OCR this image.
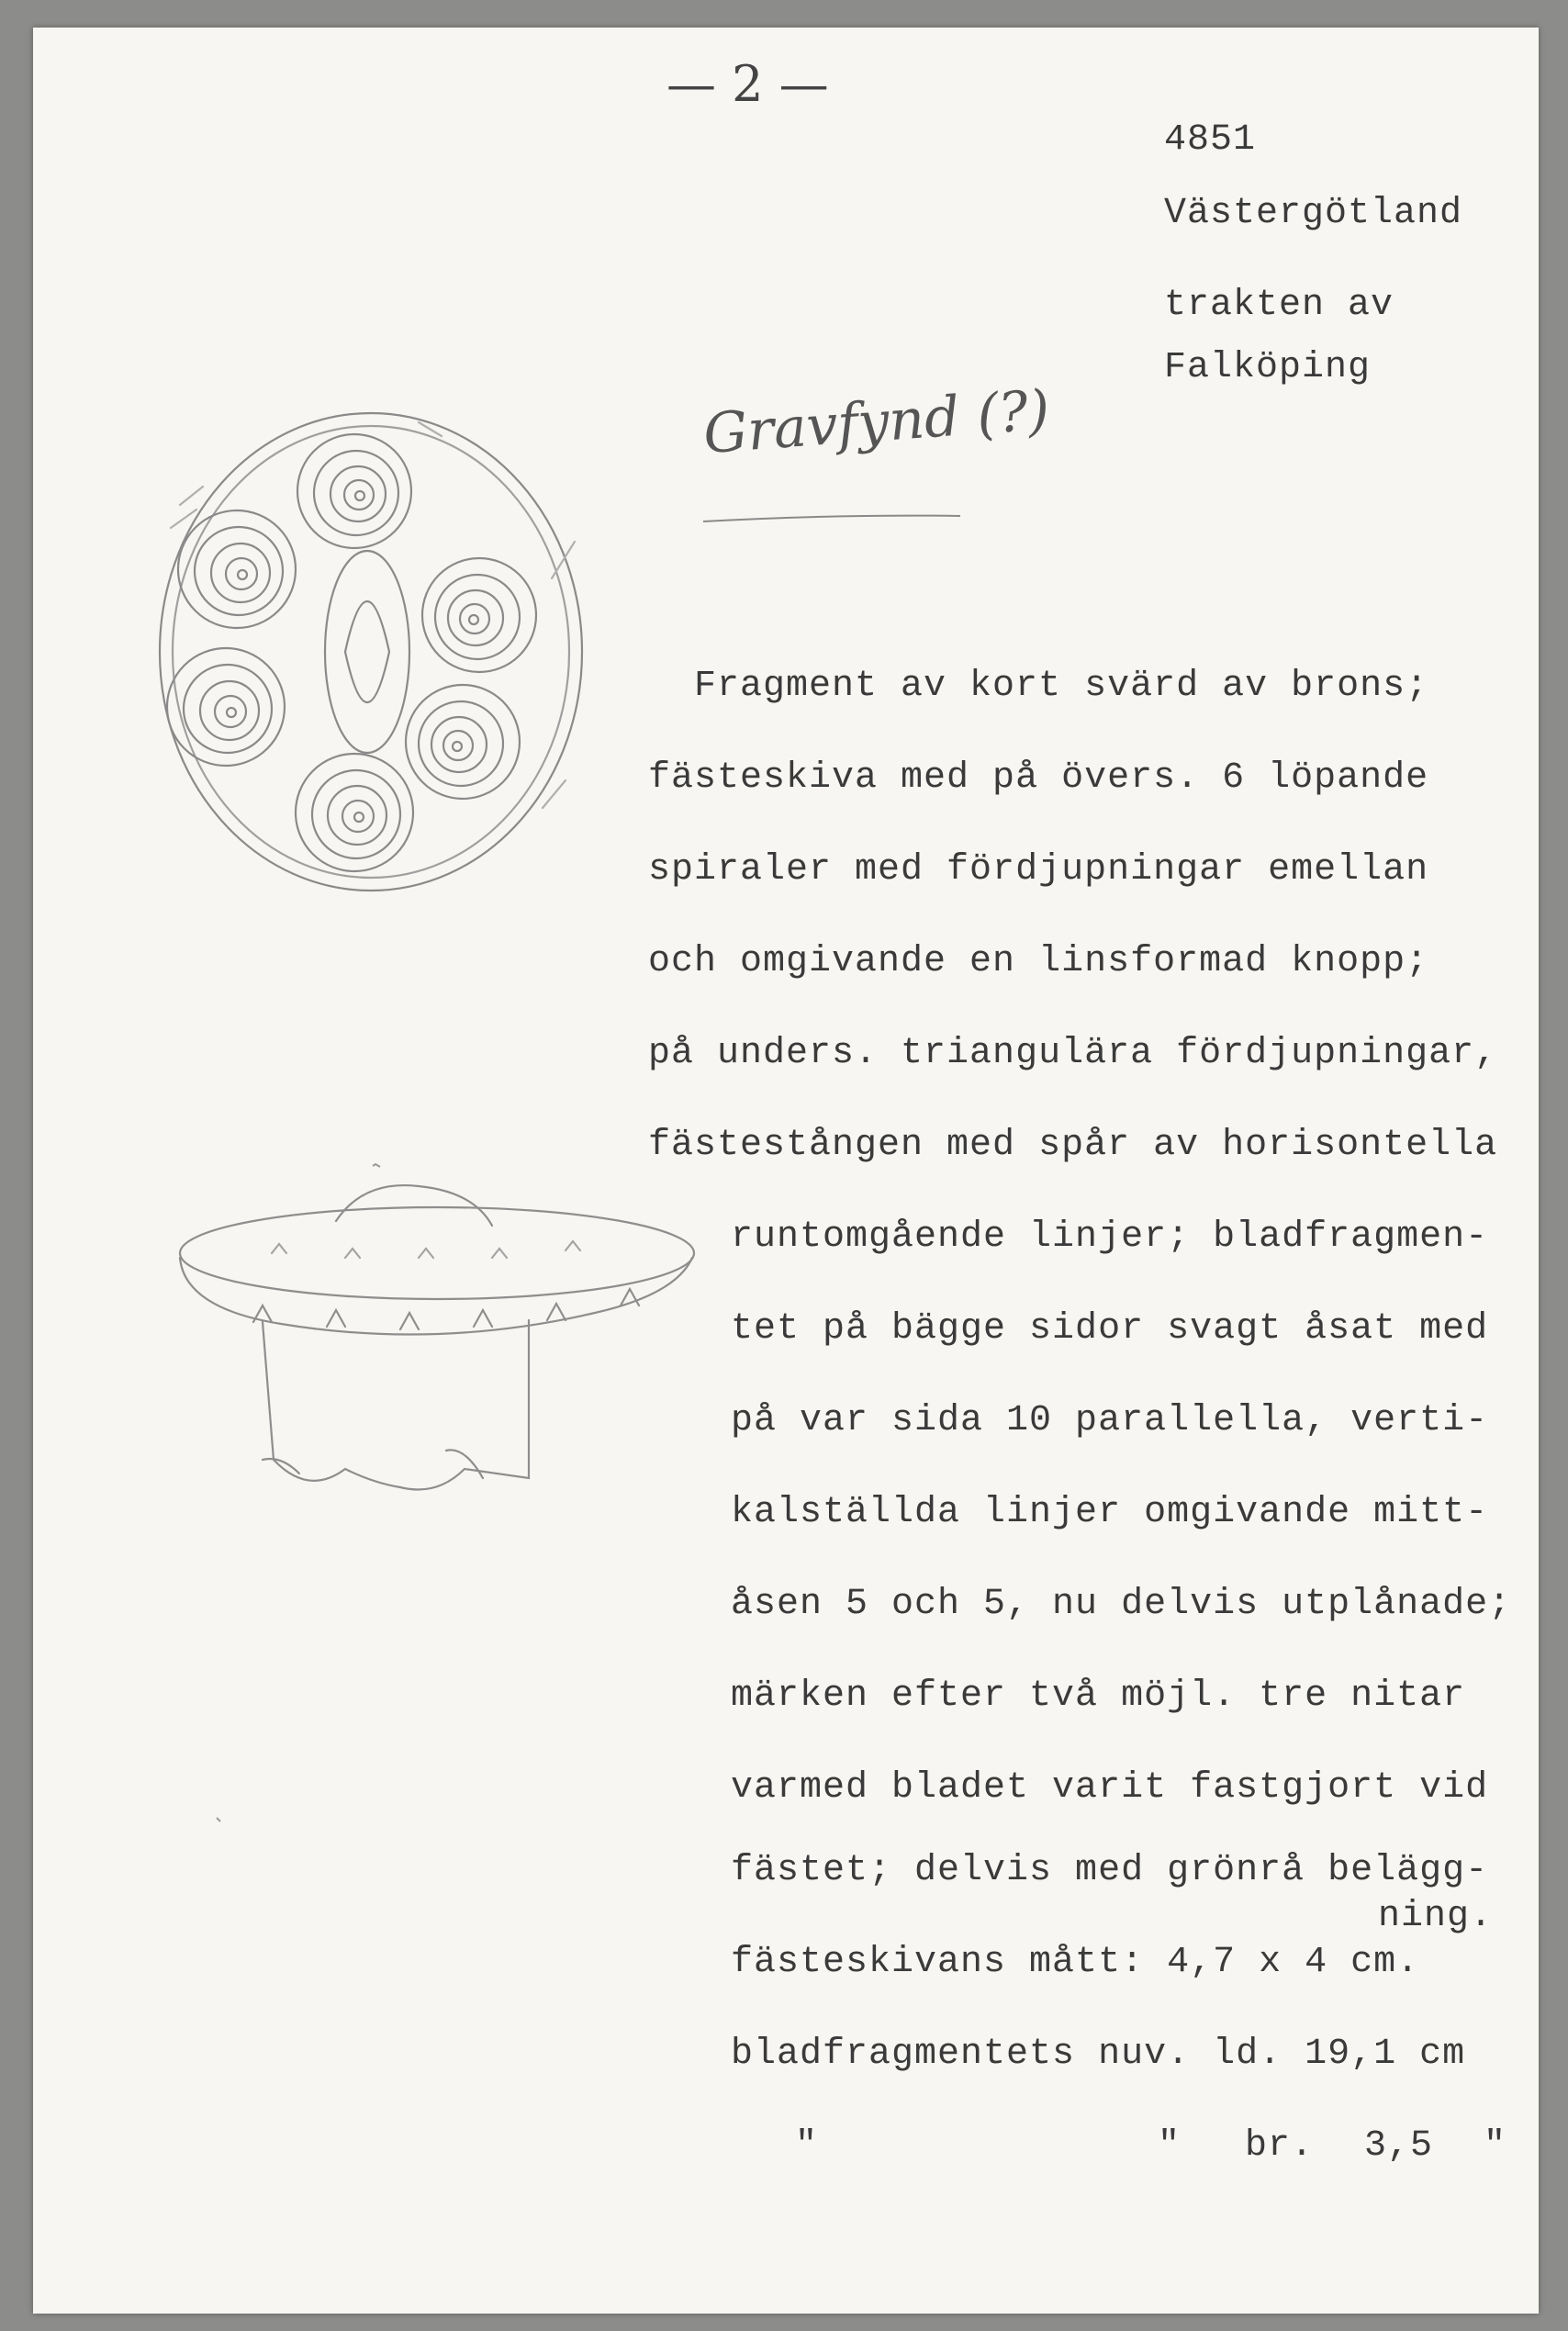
— 2 —
4851
Västergötland
trakten av
Falköping
Gravfynd (?)
Fragment av kort svärd av brons;
fästeskiva med på övers. 6 löpande
spiraler med fördjupningar emellan
och omgivande en linsformad knopp;
på unders. triangulära fördjupningar,
fästestången med spår av horisontella
runtomgående linjer; bladfragmen-
tet på bägge sidor svagt åsat med
på var sida 10 parallella, verti-
kalställda linjer omgivande mitt-
åsen 5 och 5, nu delvis utplånade;
märken efter två möjl. tre nitar
varmed bladet varit fastgjort vid
fästet; delvis med grönrå belägg-
ning.
fästeskivans mått: 4,7 x 4 cm.
bladfragmentets nuv. ld. 19,1 cm
"	" br. 3,5 "
